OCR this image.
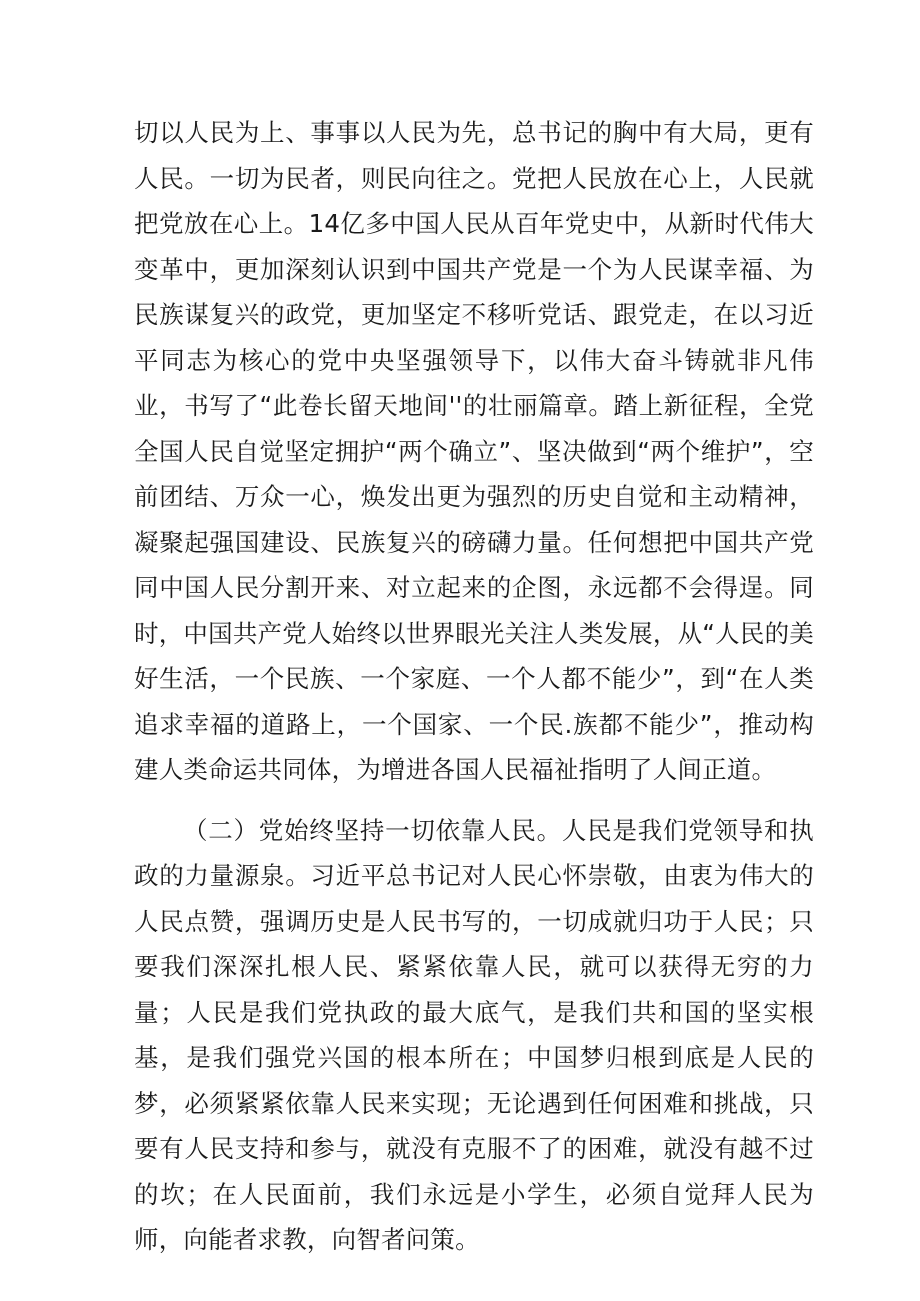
切以人民为上、事事以人民为先，总书记的胸中有大局，更有人民。一切为民者，则民向往之。党把人民放在心上，人民就把党放在心上。14亿多中国人民从百年党史中，从新时代伟大变革中，更加深刻认识到中国共产党是一个为人民谋幸福、为民族谋复兴的政党，更加坚定不移听党话、跟党走，在以习近平同志为核心的党中央坚强领导下，以伟大奋斗铸就非凡伟业，书写了“此卷长留天地间''的壮丽篇章。踏上新征程，全党全国人民自觉坚定拥护“两个确立”、坚决做到“两个维护”，空前团结、万众一心，焕发出更为强烈的历史自觉和主动精神，凝聚起强国建设、民族复兴的磅礴力量。任何想把中国共产党同中国人民分割开来、对立起来的企图，永远都不会得逞。同时，中国共产党人始终以世界眼光关注人类发展，从“人民的美好生活，一个民族、一个家庭、一个人都不能少”，到“在人类追求幸福的道路上，一个国家、一个民.族都不能少”，推动构建人类命运共同体，为增进各国人民福祉指明了人间正道。

（二）党始终坚持一切依靠人民。人民是我们党领导和执政的力量源泉。习近平总书记对人民心怀崇敬，由衷为伟大的人民点赞，强调历史是人民书写的，一切成就归功于人民；只要我们深深扎根人民、紧紧依靠人民，就可以获得无穷的力量；人民是我们党执政的最大底气，是我们共和国的坚实根基，是我们强党兴国的根本所在；中国梦归根到底是人民的梦，必须紧紧依靠人民来实现；无论遇到任何困难和挑战，只要有人民支持和参与，就没有克服不了的困难，就没有越不过的坎；在人民面前，我们永远是小学生，必须自觉拜人民为师，向能者求教，向智者问策。
